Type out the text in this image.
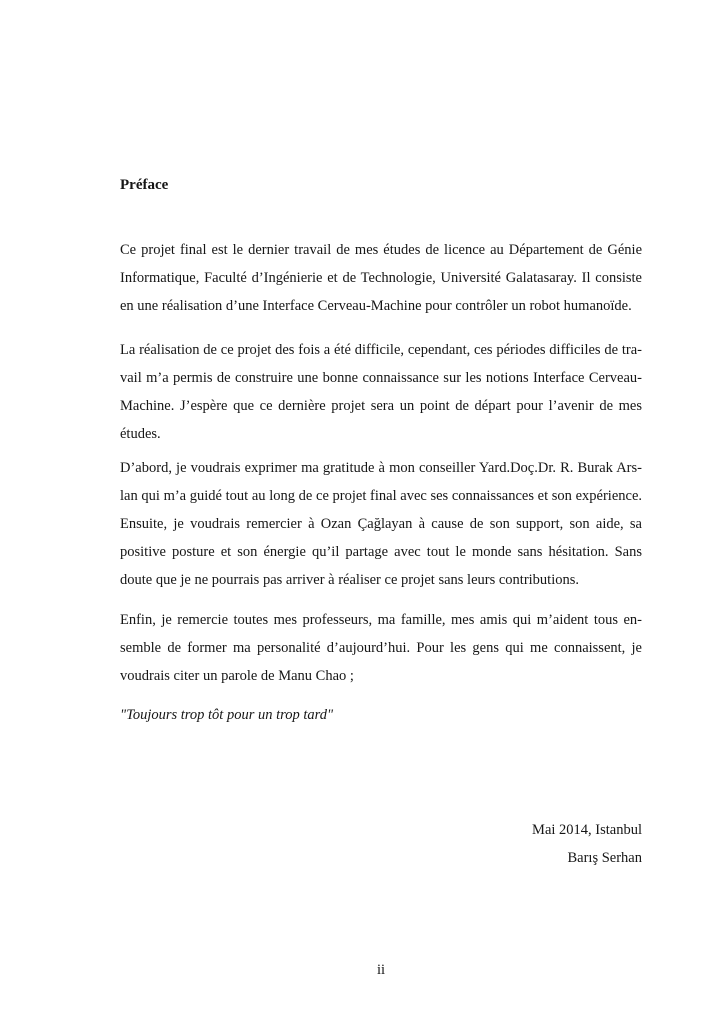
Préface
Ce projet final est le dernier travail de mes études de licence au Département de Génie
Informatique, Faculté d’Ingénierie et de Technologie, Université Galatasaray. Il consiste
en une réalisation d’une Interface Cerveau-Machine pour contrôler un robot humanoïde.
La réalisation de ce projet des fois a été difficile, cependant, ces périodes difficiles de tra-
vail m’a permis de construire une bonne connaissance sur les notions Interface Cerveau-
Machine. J’espère que ce dernière projet sera un point de départ pour l’avenir de mes
études.
D’abord, je voudrais exprimer ma gratitude à mon conseiller Yard.Doç.Dr. R. Burak Ars-
lan qui m’a guidé tout au long de ce projet final avec ses connaissances et son expérience.
Ensuite, je voudrais remercier à Ozan Çağlayan à cause de son support, son aide, sa
positive posture et son énergie qu’il partage avec tout le monde sans hésitation. Sans
doute que je ne pourrais pas arriver à réaliser ce projet sans leurs contributions.
Enfin, je remercie toutes mes professeurs, ma famille, mes amis qui m’aident tous en-
semble de former ma personalité d’aujourd’hui. Pour les gens qui me connaissent, je
voudrais citer un parole de Manu Chao ;
"Toujours trop tôt pour un trop tard"
Mai 2014, Istanbul
Barış Serhan
ii
